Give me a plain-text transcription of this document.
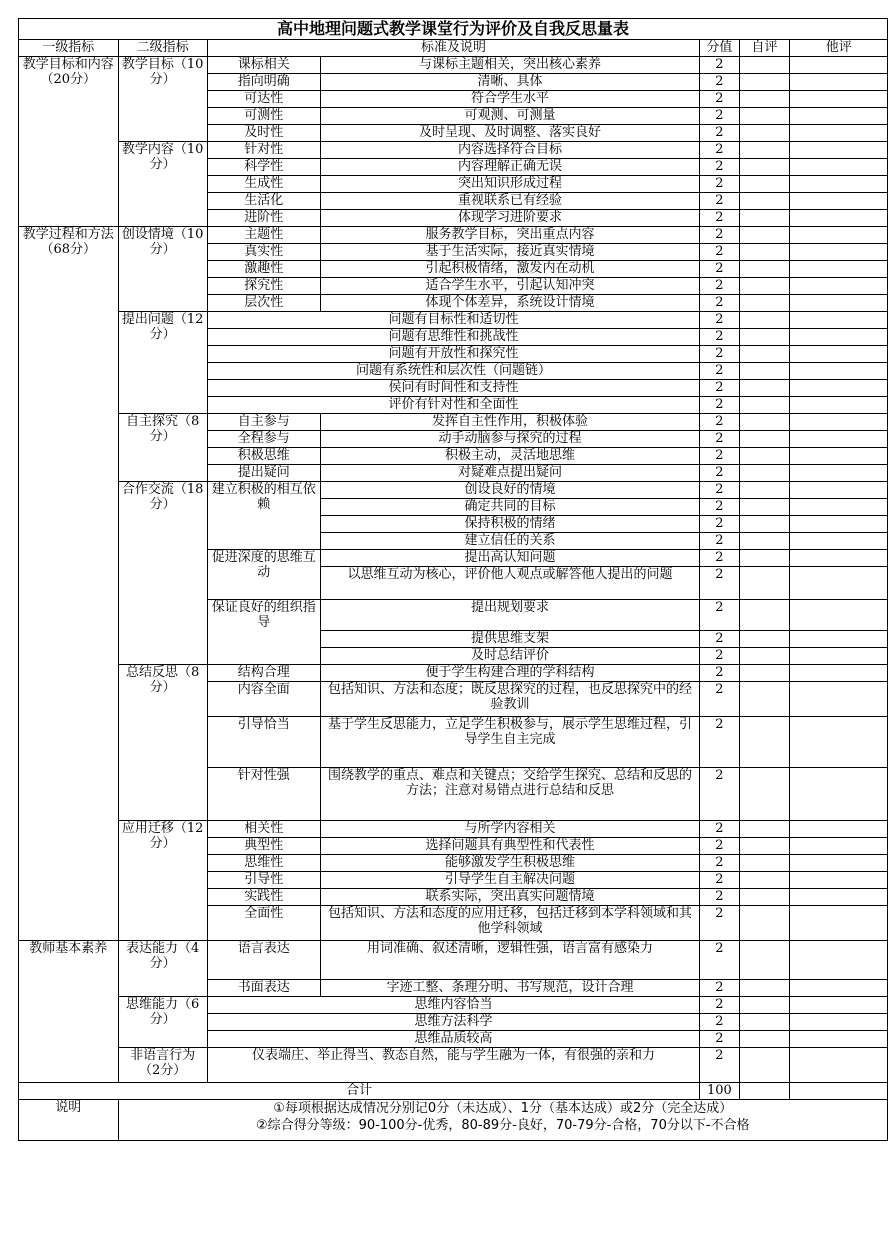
高中地理问题式教学课堂行为评价及自我反思量表						
一级指标	二级指标	标准及说明		分值	自评	他评
教学目标和内容（20分）	教学目标（10分）	课标相关	与课标主题相关，突出核心素养	2		
		指向明确	清晰、具体	2		
		可达性	符合学生水平	2		
		可测性	可观测、可测量	2		
		及时性	及时呈现、及时调整、落实良好	2		
	教学内容（10分）	针对性	内容选择符合目标	2		
		科学性	内容理解正确无误	2		
		生成性	突出知识形成过程	2		
		生活化	重视联系已有经验	2		
		进阶性	体现学习进阶要求	2		
教学过程和方法（68分）	创设情境（10分）	主题性	服务教学目标，突出重点内容	2		
		真实性	基于生活实际，接近真实情境	2		
		激趣性	引起积极情绪，激发内在动机	2		
		探究性	适合学生水平，引起认知冲突	2		
		层次性	体现个体差异，系统设计情境	2		
	提出问题（12分）	问题有目标性和适切性		2		
		问题有思维性和挑战性		2		
		问题有开放性和探究性		2		
		问题有系统性和层次性（问题链）		2		
		侯问有时间性和支持性		2		
		评价有针对性和全面性		2		
	自主探究（8分）	自主参与	发挥自主性作用，积极体验	2		
		全程参与	动手动脑参与探究的过程	2		
		积极思维	积极主动，灵活地思维	2		
		提出疑问	对疑难点提出疑问	2		
	合作交流（18分）	建立积极的相互依赖	创设良好的情境	2		
			确定共同的目标	2		
			保持积极的情绪	2		
			建立信任的关系	2		
		促进深度的思维互动	提出高认知问题	2		
			以思维互动为核心，评价他人观点或解答他人提出的问题	2		
		保证良好的组织指导	提出规划要求	2		
			提供思维支架	2		
			及时总结评价	2		
	总结反思（8分）	结构合理	便于学生构建合理的学科结构	2		
		内容全面	包括知识、方法和态度；既反思探究的过程，也反思探究中的经验教训	2		
		引导恰当	基于学生反思能力，立足学生积极参与，展示学生思维过程，引导学生自主完成	2		
		针对性强	围绕教学的重点、难点和关键点；交给学生探究、总结和反思的方法；注意对易错点进行总结和反思	2		
	应用迁移（12分）	相关性	与所学内容相关	2		
		典型性	选择问题具有典型性和代表性	2		
		思维性	能够激发学生积极思维	2		
		引导性	引导学生自主解决问题	2		
		实践性	联系实际，突出真实问题情境	2		
		全面性	包括知识、方法和态度的应用迁移，包括迁移到本学科领域和其他学科领域	2		
教师基本素养	表达能力（4分）	语言表达	用词准确、叙述清晰，逻辑性强，语言富有感染力	2		
		书面表达	字迹工整、条理分明、书写规范，设计合理	2		
	思维能力（6分）	思维内容恰当		2		
		思维方法科学		2		
		思维品质较高		2		
	非语言行为（2分）	仪表端庄、举止得当、教态自然，能与学生融为一体，有很强的亲和力		2		
合计				100		
说明	①每项根据达成情况分别记0分（未达成）、1分（基本达成）或2分（完全达成）
②综合得分等级：90-100分-优秀，80-89分-良好，70-79分-合格，70分以下-不合格					
